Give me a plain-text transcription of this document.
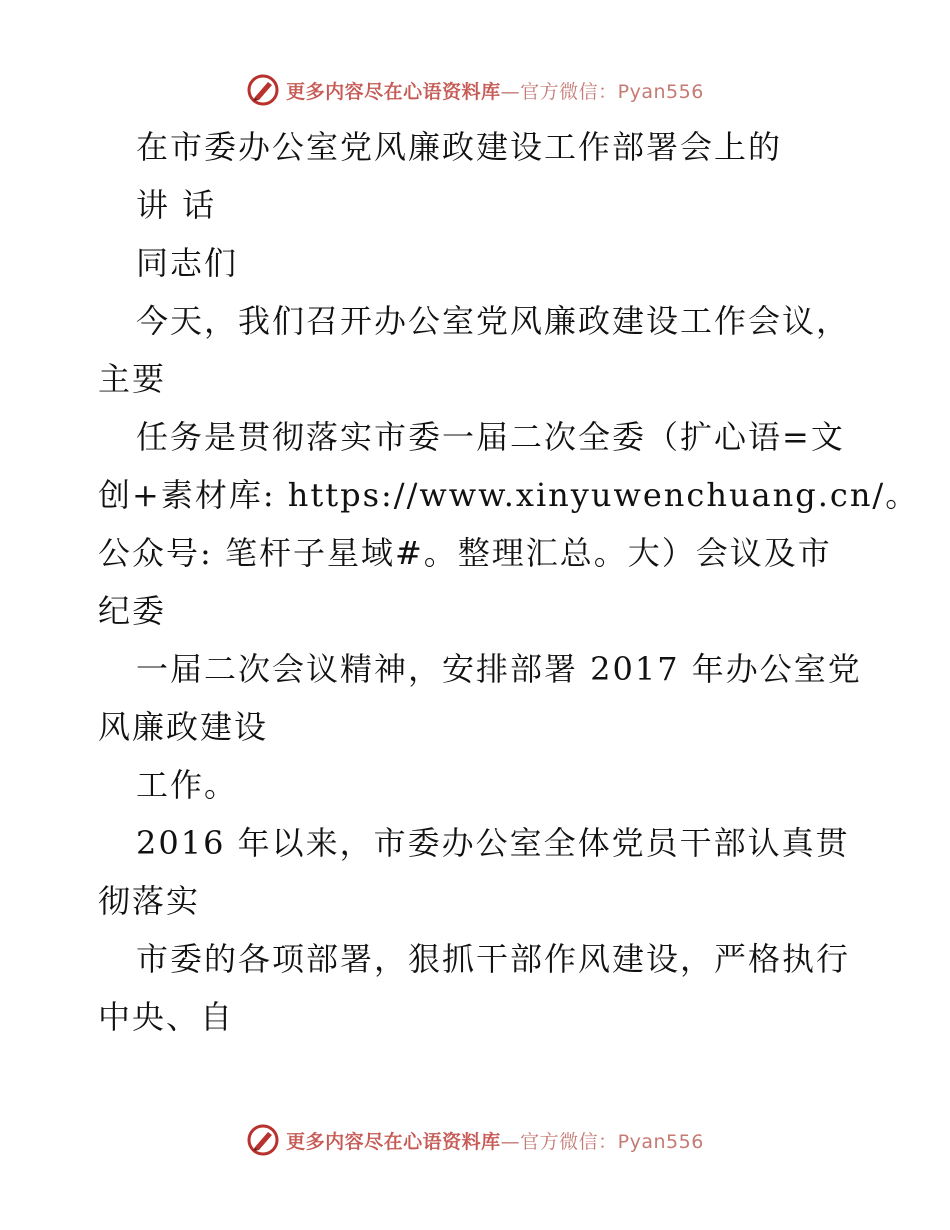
更多内容尽在心语资料库—官方微信：Pyan556
在市委办公室党风廉政建设工作部署会上的
讲 话
同志们
今天，我们召开办公室党风廉政建设工作会议，
主要
任务是贯彻落实市委一届二次全委（扩心语=文
创+素材库: https://www.xinyuwenchuang.cn/。
公众号: 笔杆子星域#。整理汇总。大）会议及市
纪委
一届二次会议精神，安排部署 2017 年办公室党
风廉政建设
工作。
2016 年以来，市委办公室全体党员干部认真贯
彻落实
市委的各项部署，狠抓干部作风建设，严格执行
中央、自
更多内容尽在心语资料库—官方微信：Pyan556
